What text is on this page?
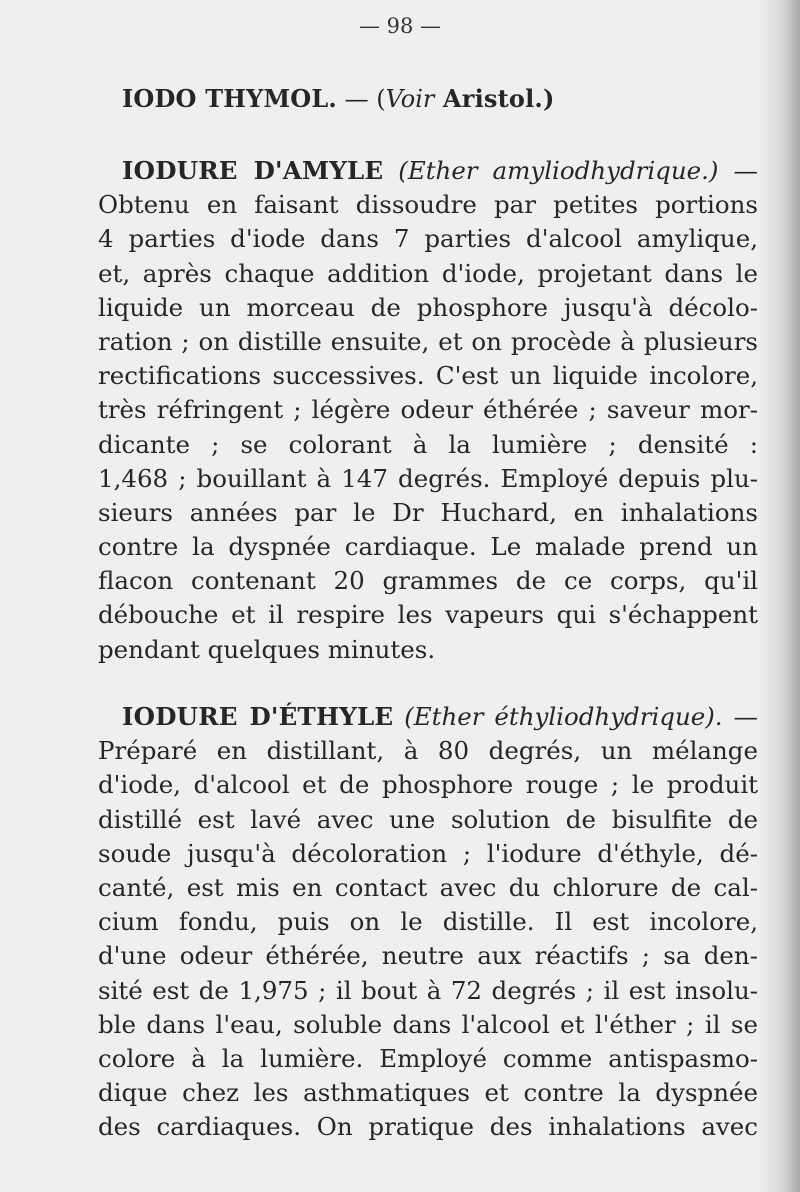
— 98 —
IODO THYMOL. — (Voir Aristol.)
IODURE D'AMYLE (Ether amyliodhydrique.) —
Obtenu en faisant dissoudre par petites portions
4 parties d'iode dans 7 parties d'alcool amylique,
et, après chaque addition d'iode, projetant dans le
liquide un morceau de phosphore jusqu'à décolo-
ration ; on distille ensuite, et on procède à plusieurs
rectifications successives. C'est un liquide incolore,
très réfringent ; légère odeur éthérée ; saveur mor-
dicante ; se colorant à la lumière ; densité :
1,468 ; bouillant à 147 degrés. Employé depuis plu-
sieurs années par le Dr Huchard, en inhalations
contre la dyspnée cardiaque. Le malade prend un
flacon contenant 20 grammes de ce corps, qu'il
débouche et il respire les vapeurs qui s'échappent
pendant quelques minutes.
IODURE D'ÉTHYLE (Ether éthyliodhydrique). —
Préparé en distillant, à 80 degrés, un mélange
d'iode, d'alcool et de phosphore rouge ; le produit
distillé est lavé avec une solution de bisulfite de
soude jusqu'à décoloration ; l'iodure d'éthyle, dé-
canté, est mis en contact avec du chlorure de cal-
cium fondu, puis on le distille. Il est incolore,
d'une odeur éthérée, neutre aux réactifs ; sa den-
sité est de 1,975 ; il bout à 72 degrés ; il est insolu-
ble dans l'eau, soluble dans l'alcool et l'éther ; il se
colore à la lumière. Employé comme antispasmo-
dique chez les asthmatiques et contre la dyspnée
des cardiaques. On pratique des inhalations avec
